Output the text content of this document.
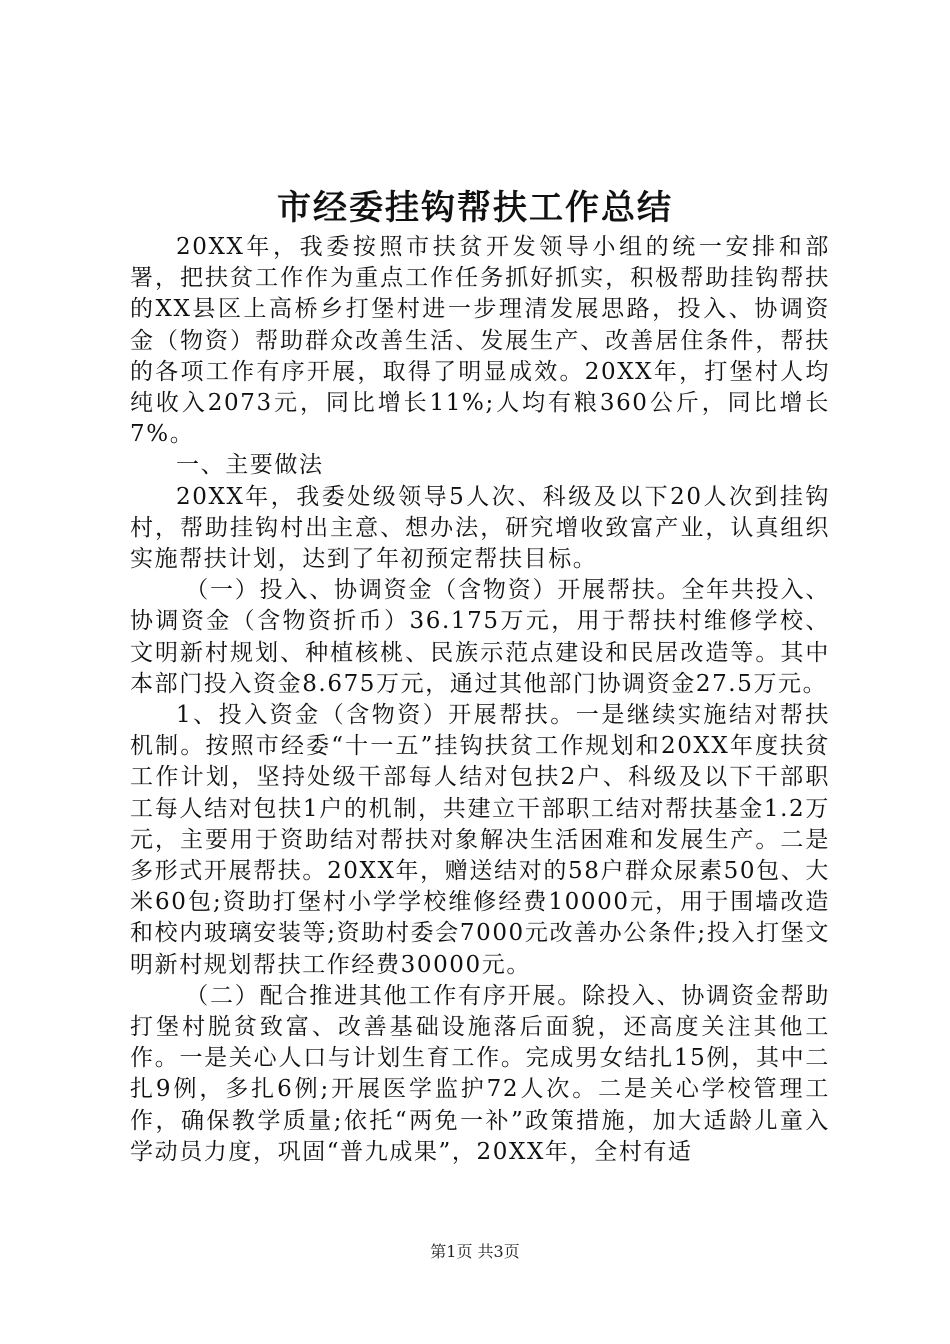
市经委挂钩帮扶工作总结

20XX年，我委按照市扶贫开发领导小组的统一安排和部署，把扶贫工作作为重点工作任务抓好抓实，积极帮助挂钩帮扶的XX县区上高桥乡打堡村进一步理清发展思路，投入、协调资金（物资）帮助群众改善生活、发展生产、改善居住条件，帮扶的各项工作有序开展，取得了明显成效。20XX年，打堡村人均纯收入2073元，同比增长11%;人均有粮360公斤，同比增长7%。

一、主要做法

20XX年，我委处级领导5人次、科级及以下20人次到挂钩村，帮助挂钩村出主意、想办法，研究增收致富产业，认真组织实施帮扶计划，达到了年初预定帮扶目标。

（一）投入、协调资金（含物资）开展帮扶。全年共投入、协调资金（含物资折币）36.175万元，用于帮扶村维修学校、文明新村规划、种植核桃、民族示范点建设和民居改造等。其中本部门投入资金8.675万元，通过其他部门协调资金27.5万元。

1、投入资金（含物资）开展帮扶。一是继续实施结对帮扶机制。按照市经委“十一五”挂钩扶贫工作规划和20XX年度扶贫工作计划，坚持处级干部每人结对包扶2户、科级及以下干部职工每人结对包扶1户的机制，共建立干部职工结对帮扶基金1.2万元，主要用于资助结对帮扶对象解决生活困难和发展生产。二是多形式开展帮扶。20XX年，赠送结对的58户群众尿素50包、大米60包;资助打堡村小学学校维修经费10000元，用于围墙改造和校内玻璃安装等;资助村委会7000元改善办公条件;投入打堡文明新村规划帮扶工作经费30000元。

（二）配合推进其他工作有序开展。除投入、协调资金帮助打堡村脱贫致富、改善基础设施落后面貌，还高度关注其他工作。一是关心人口与计划生育工作。完成男女结扎15例，其中二扎9例，多扎6例;开展医学监护72人次。二是关心学校管理工作，确保教学质量;依托“两免一补”政策措施，加大适龄儿童入学动员力度，巩固“普九成果”，20XX年，全村有适

第1页 共3页
